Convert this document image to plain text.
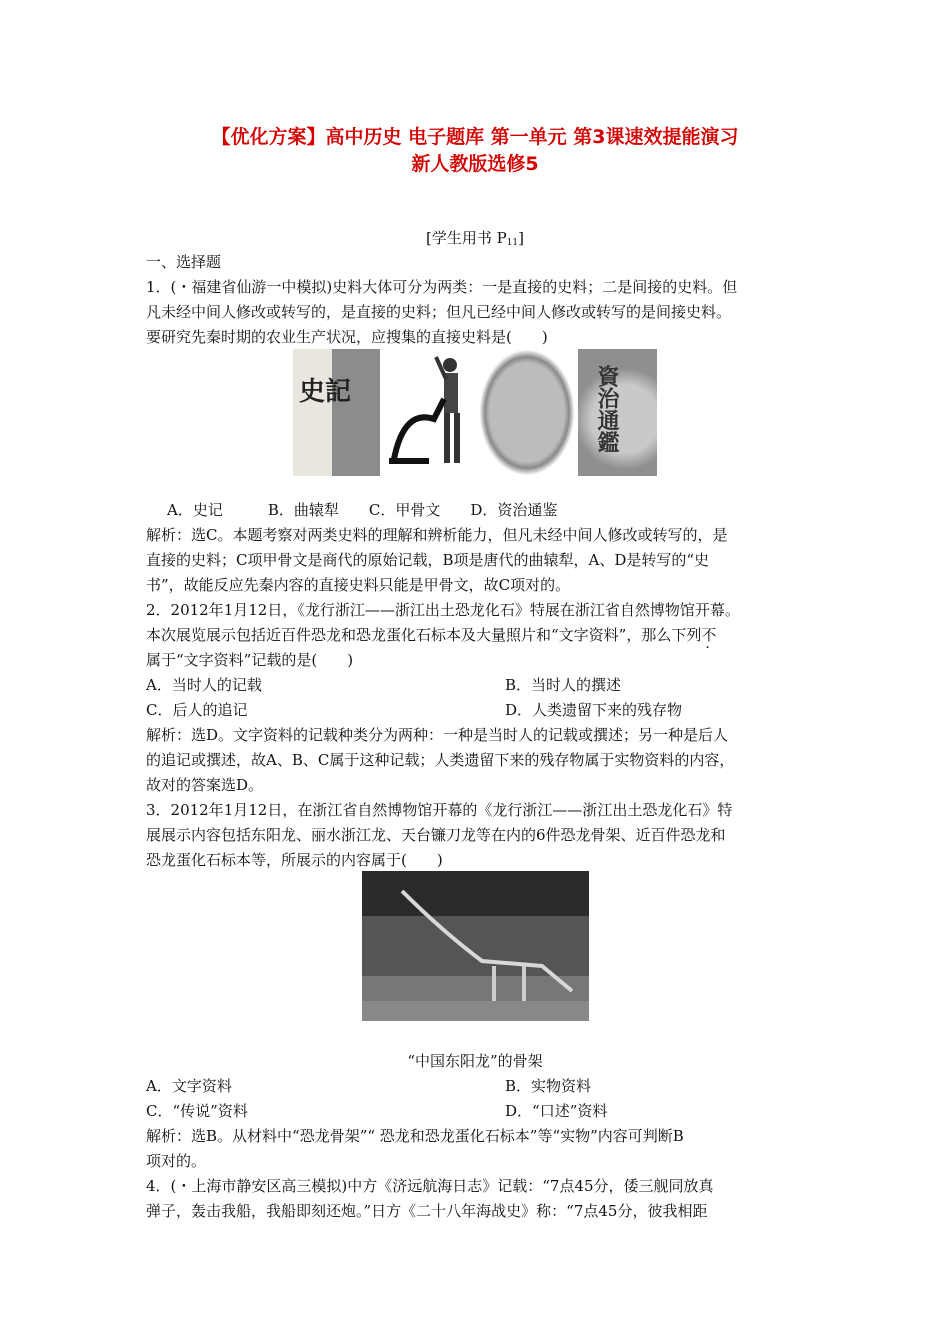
【优化方案】高中历史 电子题库 第一单元 第3课速效提能演习
新人教版选修5
[学生用书 $P_{11}$]
一、选择题
1．(・福建省仙游一中模拟)史料大体可分为两类：一是直接的史料；二是间接的史料。但
凡未经中间人修改或转写的，是直接的史料；但凡已经中间人修改或转写的是间接史料。
要研究先秦时期的农业生产状况，应搜集的直接史料是(　　)
史記	資治通鑑
A．史记　　　B．曲辕犁　　C．甲骨文　　D．资治通鉴
解析：选C。本题考察对两类史料的理解和辨析能力，但凡未经中间人修改或转写的，是
直接的史料；C项甲骨文是商代的原始记载，B项是唐代的曲辕犁，A、D是转写的“史
书”，故能反应先秦内容的直接史料只能是甲骨文，故C项对的。
2．2012年1月12日，《龙行浙江——浙江出土恐龙化石》特展在浙江省自然博物馆开幕。
本次展览展示包括近百件恐龙和恐龙蛋化石标本及大量照片和“文字资料”，那么下列不
属于“文字资料”记载的是(　　)
A．当时人的记载	B．当时人的撰述
C．后人的追记	D．人类遗留下来的残存物
解析：选D。文字资料的记载种类分为两种：一种是当时人的记载或撰述；另一种是后人
的追记或撰述，故A、B、C属于这种记载；人类遗留下来的残存物属于实物资料的内容，
故对的答案选D。
3．2012年1月12日，在浙江省自然博物馆开幕的《龙行浙江——浙江出土恐龙化石》特
展展示内容包括东阳龙、丽水浙江龙、天台镰刀龙等在内的6件恐龙骨架、近百件恐龙和
恐龙蛋化石标本等，所展示的内容属于(　　)
“中国东阳龙”的骨架
A．文字资料	B．实物资料
C．“传说”资料	D．“口述”资料
解析：选B。从材料中“恐龙骨架”“ 恐龙和恐龙蛋化石标本”等“实物”内容可判断B
项对的。
4．(・上海市静安区高三模拟)中方《济远航海日志》记载：“7点45分，倭三舰同放真
弹子，轰击我船，我船即刻还炮。”日方《二十八年海战史》称：“7点45分，彼我相距
